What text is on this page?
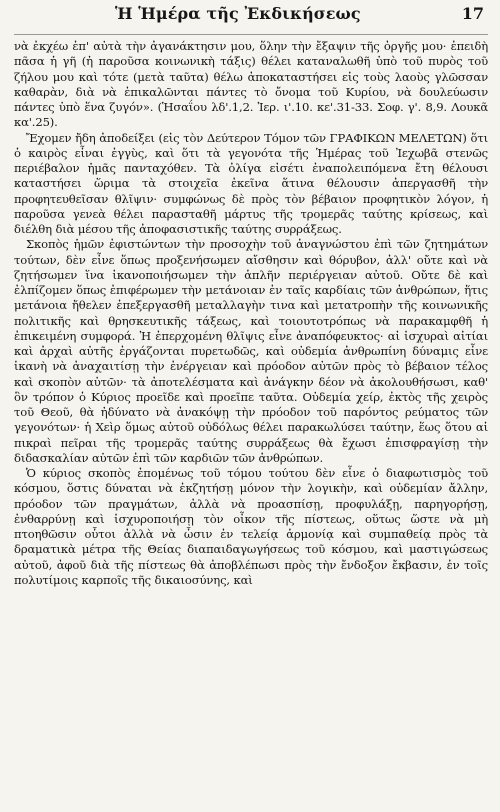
Ἡ Ἡμέρα τῆς Ἐκδικήσεως	17

νὰ ἐκχέω ἐπ' αὐτὰ τὴν ἀγανάκτησιν μου, ὅλην τὴν ἔξαψιν τῆς ὀργῆς μου· ἐπειδὴ πᾶσα ἡ γῆ (ἡ παροῦσα κοινωνικὴ τάξις) θέλει καταναλωθῆ ὑπὸ τοῦ πυρὸς τοῦ ζήλου μου καὶ τότε (μετὰ ταῦτα) θέλω ἀποκαταστήσει εἰς τοὺς λαοὺς γλῶσσαν καθαρὰν, διὰ νὰ ἐπικαλῶνται πάντες τὸ ὄνομα τοῦ Κυρίου, νὰ δουλεύωσιν πάντες ὑπὸ ἕνα ζυγόν». (Ἡσαΐου λδ'.1,2. Ἱερ. ι'.10. κε'.31-33. Σοφ. γ'. 8,9. Λουκᾶ κα'.25).

Ἔχομεν ἤδη ἀποδείξει (εἰς τὸν Δεύτερον Τόμον τῶν ΓΡΑΦΙΚΩΝ ΜΕΛΕΤΩΝ) ὅτι ὁ καιρὸς εἶναι ἐγγὺς, καὶ ὅτι τὰ γεγονότα τῆς Ἡμέρας τοῦ Ἰεχωβᾶ στενῶς περιέβαλον ἡμᾶς πανταχόθεν. Τὰ ὀλίγα εἰσέτι ἐναπολειπόμενα ἔτη θέλουσι καταστήσει ὥριμα τὰ στοιχεῖα ἐκεῖνα ἅτινα θέλουσιν ἀπεργασθῆ τὴν προφητευθεῖσαν θλῖψιν· συμφώνως δὲ πρὸς τὸν βέβαιον προφητικὸν λόγον, ἡ παροῦσα γενεὰ θέλει παρασταθῆ μάρτυς τῆς τρομερᾶς ταύτης κρίσεως, καὶ διέλθη διὰ μέσου τῆς ἀποφασιστικῆς ταύτης συρράξεως.

Σκοπὸς ἡμῶν ἐφιστώντων τὴν προσοχὴν τοῦ ἀναγνώστου ἐπὶ τῶν ζητημάτων τούτων, δὲν εἶνε ὅπως προξενήσωμεν αἴσθησιν καὶ θόρυβον, ἀλλ' οὔτε καὶ νὰ ζητήσωμεν ἵνα ἱκανοποιήσωμεν τὴν ἁπλῆν περιέργειαν αὐτοῦ. Οὔτε δὲ καὶ ἐλπίζομεν ὅπως ἐπιφέρωμεν τὴν μετάνοιαν ἐν ταῖς καρδίαις τῶν ἀνθρώπων, ἥτις μετάνοια ἤθελεν ἐπεξεργασθῆ μεταλλαγὴν τινα καὶ μετατροπὴν τῆς κοινωνικῆς πολιτικῆς καὶ θρησκευτικῆς τάξεως, καὶ τοιουτοτρόπως νὰ παρακαμφθῆ ἡ ἐπικειμένη συμφορά. Ἡ ἐπερχομένη θλῖψις εἶνε ἀναπόφευκτος· αἱ ἰσχυραὶ αἰτίαι καὶ ἀρχαὶ αὐτῆς ἐργάζονται πυρετωδῶς, καὶ οὐδεμία ἀνθρωπίνη δύναμις εἶνε ἱκανὴ νὰ ἀναχαιτίσῃ τὴν ἐνέργειαν καὶ πρόοδον αὐτῶν πρὸς τὸ βέβαιον τέλος καὶ σκοπὸν αὐτῶν· τὰ ἀποτελέσματα καὶ ἀνάγκην δέον νὰ ἀκολουθήσωσι, καθ' ὃν τρόπον ὁ Κύριος προεῖδε καὶ προεῖπε ταῦτα. Οὐδεμία χείρ, ἐκτὸς τῆς χειρὸς τοῦ Θεοῦ, θὰ ἠδύνατο νὰ ἀνακόψῃ τὴν πρόοδον τοῦ παρόντος ρεύματος τῶν γεγονότων· ἡ Χεὶρ ὅμως αὐτοῦ οὐδόλως θέλει παρακωλύσει ταύτην, ἕως ὅτου αἱ πικραὶ πεῖραι τῆς τρομερᾶς ταύτης συρράξεως θὰ ἔχωσι ἐπισφραγίσῃ τὴν διδασκαλίαν αὐτῶν ἐπὶ τῶν καρδιῶν τῶν ἀνθρώπων.

Ὁ κύριος σκοπὸς ἐπομένως τοῦ τόμου τούτου δὲν εἶνε ὁ διαφωτισμὸς τοῦ κόσμου, ὅστις δύναται νὰ ἐκζητήσῃ μόνον τὴν λογικὴν, καὶ οὐδεμίαν ἄλλην, πρόοδον τῶν πραγμάτων, ἀλλὰ νὰ προασπίσῃ, προφυλάξῃ, παρηγορήσῃ, ἐνθαρρύνῃ καὶ ἰσχυροποιήσῃ τὸν οἶκον τῆς πίστεως, οὕτως ὥστε νὰ μὴ πτοηθῶσιν οὗτοι ἀλλὰ νὰ ὦσιν ἐν τελείᾳ ἁρμονίᾳ καὶ συμπαθείᾳ πρὸς τὰ δραματικὰ μέτρα τῆς Θείας διαπαιδαγωγήσεως τοῦ κόσμου, καὶ μαστιγώσεως αὐτοῦ, ἀφοῦ διὰ τῆς πίστεως θὰ ἀποβλέπωσι πρὸς τὴν ἔνδοξον ἔκβασιν, ἐν τοῖς πολυτίμοις καρποῖς τῆς δικαιοσύνης, καὶ
